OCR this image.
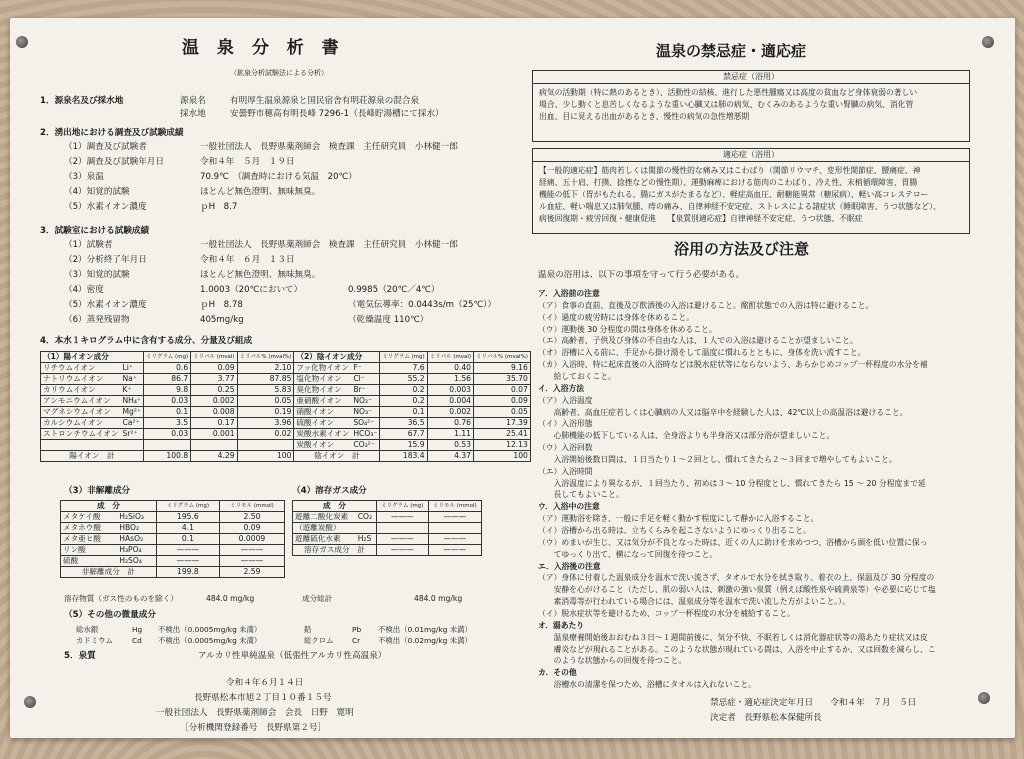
温 泉 分 析 書
（鉱泉分析試験法による分析）
1．源泉名及び採水地	源泉名	有明厚生温泉源泉と国民宿舎有明荘源泉の混合泉
採水地	安曇野市穂高有明長峰 7296-1（長峰貯湯槽にて採水）
2．湧出地における調査及び試験成績
（1）調査及び試験者	一般社団法人　長野県薬剤師会　検査課　主任研究員　小林健一郎
（2）調査及び試験年月日	令和４年　５月　１９日
（3）泉温	70.9℃　（調査時における気温　20℃）
（4）知覚的試験	ほとんど無色澄明、無味無臭。
（5）水素イオン濃度	ｐH　8.7
3．試験室における試験成績
（1）試験者	一般社団法人　長野県薬剤師会　検査課　主任研究員　小林健一郎
（2）分析終了年月日	令和４年　６月　１３日
（3）知覚的試験	ほとんど無色澄明、無味無臭。
（4）密度	1.0003（20℃において）	0.9985（20℃／4℃）
（5）水素イオン濃度	ｐH　8.78	（電気伝導率：0.0443s/m（25℃））
（6）蒸発残留物	405mg/kg	（乾燥温度 110℃）
4．本水１キログラム中に含有する成分、分量及び組成
（1）陽イオン成分		ミリグラム (mg)	ミリバル (mval)	ミリバル% (mval%)	（2）陰イオン成分		ミリグラム (mg)	ミリバル (mval)	ミリバル% (mval%)
リチウムイオン	Li⁺	0.6	0.09	2.10	フッ化物イオン	F⁻	7.6	0.40	9.16
ナトリウムイオン	Na⁺	86.7	3.77	87.85	塩化物イオン	Cl⁻	55.2	1.56	35.70
カリウムイオン	K⁺	9.8	0.25	5.83	臭化物イオン	Br⁻	0.2	0.003	0.07
アンモニウムイオン	NH₄⁺	0.03	0.002	0.05	亜硝酸イオン	NO₂⁻	0.2	0.004	0.09
マグネシウムイオン	Mg²⁺	0.1	0.008	0.19	硝酸イオン	NO₃⁻	0.1	0.002	0.05
カルシウムイオン	Ca²⁺	3.5	0.17	3.96	硫酸イオン	SO₄²⁻	36.5	0.76	17.39
ストロンチウムイオン	Sr²⁺	0.03	0.001	0.02	炭酸水素イオン	HCO₃⁻	67.7	1.11	25.41
					炭酸イオン	CO₃²⁻	15.9	0.53	12.13
陽イオン　計		100.8	4.29	100	陰イオン　計		183.4	4.37	100
（3）非解離成分
成　分		ミリグラム (mg)	ミリモル (mmol)
メタケイ酸	H₂SiO₃	195.6	2.50
メタホウ酸	HBO₂	4.1	0.09
メタ亜ヒ酸	HAsO₂	0.1	0.0009
リン酸	H₃PO₄	———	———
硫酸	H₂SO₄	———	———
非解離成分　計		199.8	2.59
溶存物質（ガス性のものを除く）	484.0 mg/kg
（4）溶存ガス成分
成　分		ミリグラム (mg)	ミリモル (mmol)
遊離二酸化炭素	CO₂	———	———
（遊離炭酸）			
遊離硫化水素	H₂S	———	———
溶存ガス成分　計		———	———
成分総計	484.0 mg/kg
（5）その他の微量成分
総水銀	Hg 不検出（0.0005mg/kg 未満）	鉛	Pb 不検出（0.01mg/kg 未満）
カドミウム	Cd 不検出（0.0005mg/kg 未満）	総クロム Cr 不検出（0.02mg/kg 未満）
5．泉質	アルカリ性単純温泉（低張性アルカリ性高温泉）
令和４年６月１４日
長野県松本市旭２丁目１０番１５号
一般社団法人　長野県薬剤師会　会長　日野　寛明
［分析機関登録番号　長野県第２号］
温泉の禁忌症・適応症
禁忌症（浴用）
病気の活動期（特に熱のあるとき）、活動性の結核、進行した悪性腫瘍又は高度の貧血など身体衰弱の著しい
場合、少し動くと息苦しくなるような重い心臓又は肺の病気、むくみのあるような重い腎臓の病気、消化管
出血、目に見える出血があるとき、慢性の病気の急性増悪期
適応症（浴用）
【一般的適応症】筋肉若しくは関節の慢性的な痛み又はこわばり（関節リウマチ、変形性関節症、腰痛症、神
経痛、五十肩、打撲、捻挫などの慢性期）、運動麻痺における筋肉のこわばり、冷え性、末梢循環障害、胃腸
機能の低下（胃がもたれる、腸にガスがたまるなど）、軽症高血圧、耐糖能異常（糖尿病）、軽い高コレステロー
ル血症、軽い喘息又は肺気腫、痔の痛み、自律神経不安定症、ストレスによる諸症状（睡眠障害、うつ状態など）、
病後回復期・疲労回復・健康促進　　【泉質別適応症】自律神経不安定症、うつ状態、不眠症
浴用の方法及び注意
温泉の浴用は、以下の事項を守って行う必要がある。
ア．入浴前の注意
（ア）食事の直前、直後及び飲酒後の入浴は避けること。酩酊状態での入浴は特に避けること。
（イ）過度の疲労時には身体を休めること。
（ウ）運動後 30 分程度の間は身体を休めること。
（エ）高齢者、子供及び身体の不自由な人は、１人での入浴は避けることが望ましいこと。
（オ）浴槽に入る前に、手足から掛け湯をして温度に慣れるとともに、身体を洗い流すこと。
（カ）入浴時、特に起床直後の入浴時などは脱水症状等にならないよう、あらかじめコップ一杯程度の水分を補
　　給しておくこと。
イ．入浴方法
（ア）入浴温度
　　高齢者、高血圧症若しくは心臓病の人又は脳卒中を経験した人は、42℃以上の高温浴は避けること。
（イ）入浴形態
　　心肺機能の低下している人は、全身浴よりも半身浴又は部分浴が望ましいこと。
（ウ）入浴回数
　　入浴開始後数日間は、１日当たり１～２回とし、慣れてきたら２～３回まで増やしてもよいこと。
（エ）入浴時間
　　入浴温度により異なるが、１回当たり、初めは３～ 10 分程度とし、慣れてきたら 15 ～ 20 分程度まで延
　　長してもよいこと。
ウ．入浴中の注意
（ア）運動浴を除き、一般に手足を軽く動かす程度にして静かに入浴すること。
（イ）浴槽から出る時は、立ちくらみを起こさないようにゆっくり出ること。
（ウ）めまいが生じ、又は気分が不良となった時は、近くの人に助けを求めつつ、浴槽から頭を低い位置に保っ
　　てゆっくり出て、横になって回復を待つこと。
エ．入浴後の注意
（ア）身体に付着した温泉成分を温水で洗い流さず、タオルで水分を拭き取り、着衣の上、保温及び 30 分程度の
　　安静を心がけること（ただし、肌の弱い人は、刺激の強い泉質（例えば酸性泉や硫黄泉等）や必要に応じて塩
　　素消毒等が行われている場合には、温泉成分等を温水で洗い流した方がよいこと。）。
（イ）脱水症状等を避けるため、コップ一杯程度の水分を補給すること。
オ．湯あたり
　　温泉療養開始後おおむね３日～１週間前後に、気分不快、不眠若しくは消化器症状等の湯あたり症状又は皮
　　膚炎などが現れることがある。このような状態が現れている間は、入浴を中止するか、又は回数を減らし、こ
　　のような状態からの回復を待つこと。
カ．その他
　　浴槽水の清潔を保つため、浴槽にタオルは入れないこと。
禁忌症・適応症決定年月日　　令和４年　７月　５日
決定者　長野県松本保健所長
